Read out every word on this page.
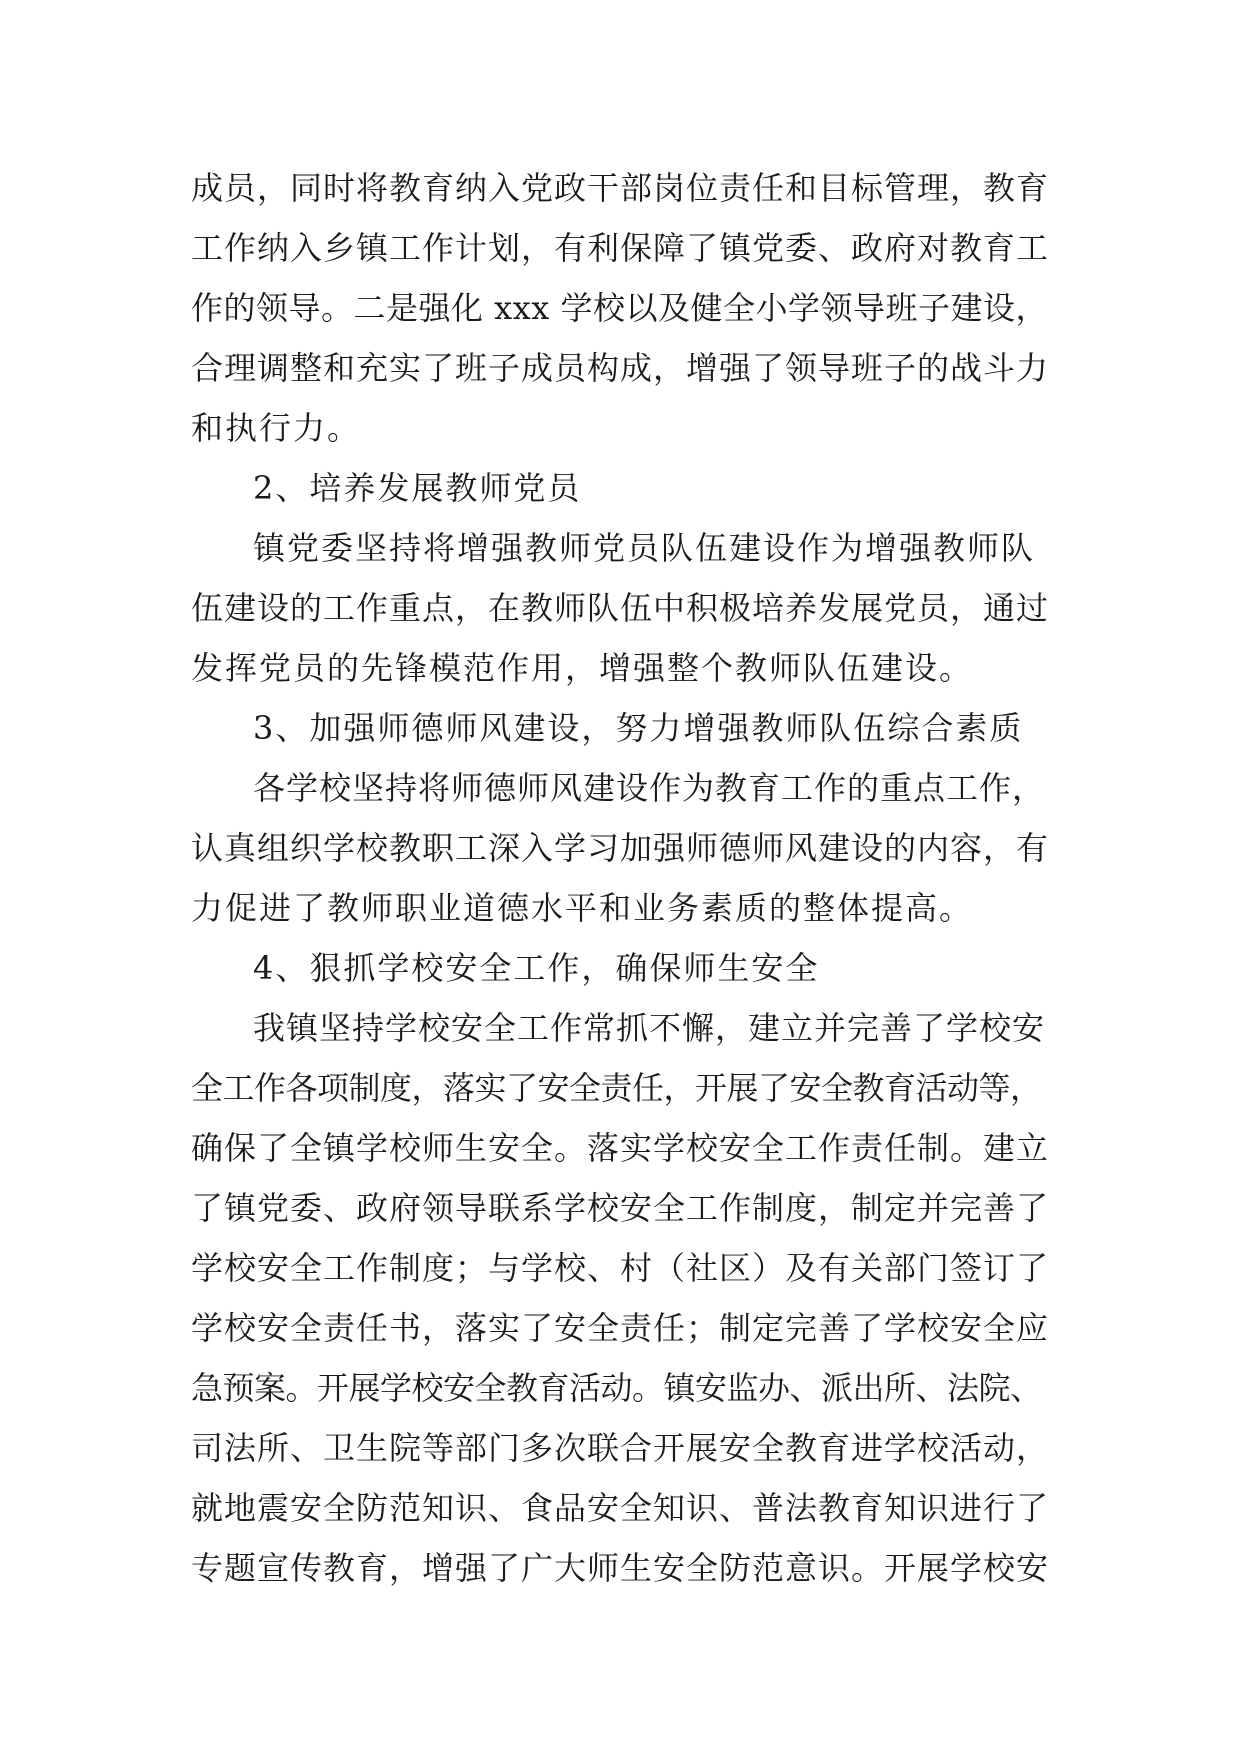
成员，同时将教育纳入党政干部岗位责任和目标管理，教育
工作纳入乡镇工作计划，有利保障了镇党委、政府对教育工
作的领导。二是强化 xxx 学校以及健全小学领导班子建设，
合理调整和充实了班子成员构成，增强了领导班子的战斗力
和执行力。
2、培养发展教师党员
镇党委坚持将增强教师党员队伍建设作为增强教师队
伍建设的工作重点，在教师队伍中积极培养发展党员，通过
发挥党员的先锋模范作用，增强整个教师队伍建设。
3、加强师德师风建设，努力增强教师队伍综合素质
各学校坚持将师德师风建设作为教育工作的重点工作，
认真组织学校教职工深入学习加强师德师风建设的内容，有
力促进了教师职业道德水平和业务素质的整体提高。
4、狠抓学校安全工作，确保师生安全
我镇坚持学校安全工作常抓不懈，建立并完善了学校安
全工作各项制度，落实了安全责任，开展了安全教育活动等，
确保了全镇学校师生安全。落实学校安全工作责任制。建立
了镇党委、政府领导联系学校安全工作制度，制定并完善了
学校安全工作制度；与学校、村（社区）及有关部门签订了
学校安全责任书，落实了安全责任；制定完善了学校安全应
急预案。开展学校安全教育活动。镇安监办、派出所、法院、
司法所、卫生院等部门多次联合开展安全教育进学校活动，
就地震安全防范知识、食品安全知识、普法教育知识进行了
专题宣传教育，增强了广大师生安全防范意识。开展学校安
